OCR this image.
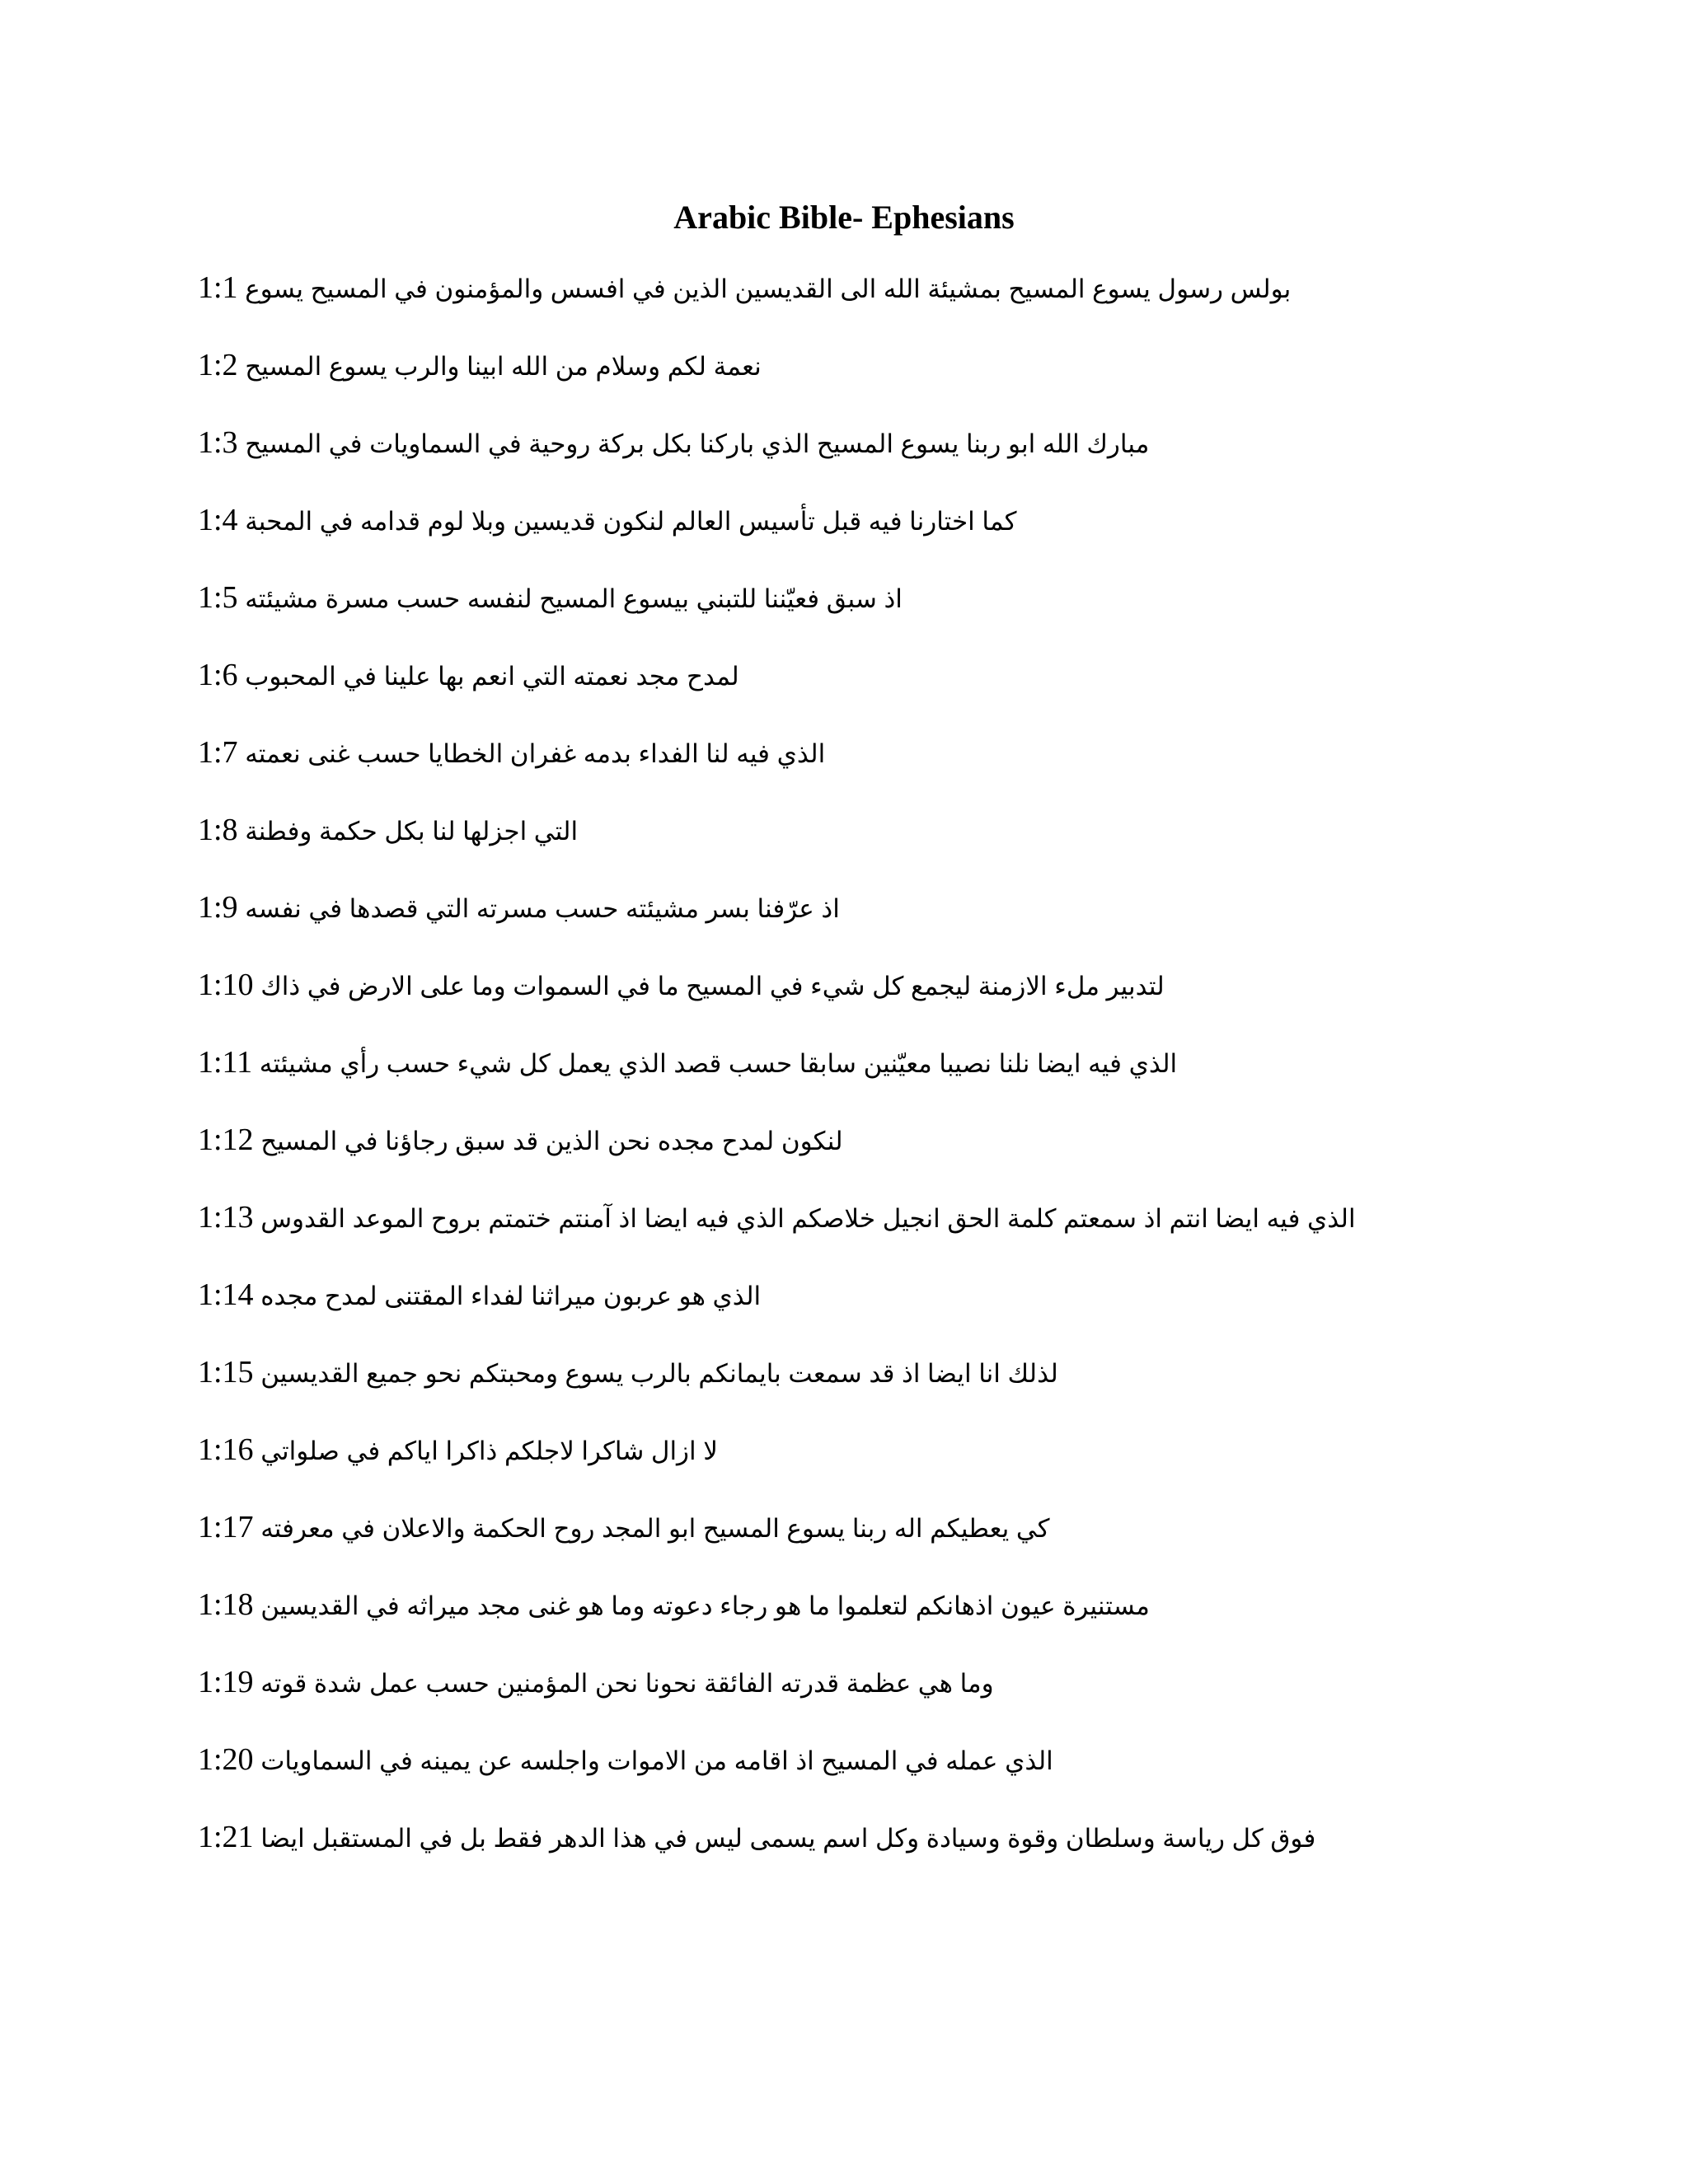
Arabic Bible- Ephesians
1:1 بولس رسول يسوع المسيح بمشيئة الله الى القديسين الذين في افسس والمؤمنون في المسيح يسوع
1:2 نعمة لكم وسلام من الله ابينا والرب يسوع المسيح
1:3 مبارك الله ابو ربنا يسوع المسيح الذي باركنا بكل بركة روحية في السماويات في المسيح
1:4 كما اختارنا فيه قبل تأسيس العالم لنكون قديسين وبلا لوم قدامه في المحبة
1:5 اذ سبق فعيّننا للتبني بيسوع المسيح لنفسه حسب مسرة مشيئته
1:6 لمدح مجد نعمته التي انعم بها علينا في المحبوب
1:7 الذي فيه لنا الفداء بدمه غفران الخطايا حسب غنى نعمته
1:8 التي اجزلها لنا بكل حكمة وفطنة
1:9 اذ عرّفنا بسر مشيئته حسب مسرته التي قصدها في نفسه
1:10 لتدبير ملء الازمنة ليجمع كل شيء في المسيح ما في السموات وما على الارض في ذاك
1:11 الذي فيه ايضا نلنا نصيبا معيّنين سابقا حسب قصد الذي يعمل كل شيء حسب رأي مشيئته
1:12 لنكون لمدح مجده نحن الذين قد سبق رجاؤنا في المسيح
1:13 الذي فيه ايضا انتم اذ سمعتم كلمة الحق انجيل خلاصكم الذي فيه ايضا اذ آمنتم ختمتم بروح الموعد القدوس
1:14 الذي هو عربون ميراثنا لفداء المقتنى لمدح مجده
1:15 لذلك انا ايضا اذ قد سمعت بايمانكم بالرب يسوع ومحبتكم نحو جميع القديسين
1:16 لا ازال شاكرا لاجلكم ذاكرا اياكم في صلواتي
1:17 كي يعطيكم اله ربنا يسوع المسيح ابو المجد روح الحكمة والاعلان في معرفته
1:18 مستنيرة عيون اذهانكم لتعلموا ما هو رجاء دعوته وما هو غنى مجد ميراثه في القديسين
1:19 وما هي عظمة قدرته الفائقة نحونا نحن المؤمنين حسب عمل شدة قوته
1:20 الذي عمله في المسيح اذ اقامه من الاموات واجلسه عن يمينه في السماويات
1:21 فوق كل رياسة وسلطان وقوة وسيادة وكل اسم يسمى ليس في هذا الدهر فقط بل في المستقبل ايضا
